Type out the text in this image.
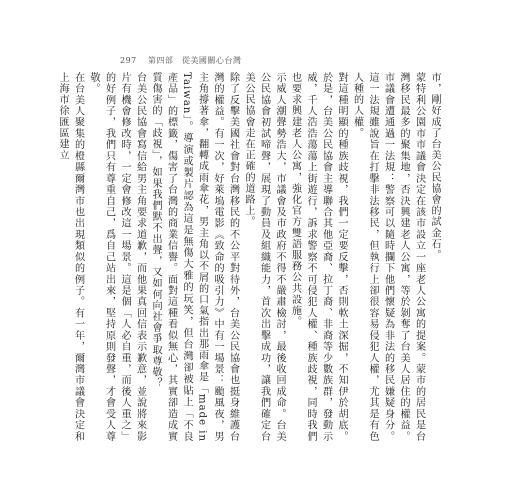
297 第四部　從美國關心台灣

市，剛好成了台美公民協會的試金石。

蒙特利公園市市議會決定在該市設立一座老人公寓的提案。蒙市的居民是台灣移民最多的聚集地，否決興建老人公寓，等於剝奪了台美人居住的權益。市議會遭通過一法規：警察可以隨時攔下他們懷疑為非法的移民嫌疑身分。這一法規雖說旨在打擊非法移民，但執行上卻很容易侵犯人權，尤其是有色人種的人權。

對這種明顯的種族歧視，我們一定要反擊，否則軟土深掘，不知伊於胡底。於是，台美公民協會主導聯合其他亞裔、拉丁裔、非裔等少數族群，發動示威，千人浩浩蕩蕩上街遊行，訴求警察不可侵犯人權、種族歧視，同時我們也要求興建老人公寓，強化官方雙語服務公共設施。

示威人潮聲勢浩大，市議會及市政府不得不嚴肅檢討，最後收回成命。台美公民協會初試啼聲，展現了動員及組織能力，首次出擊成功，讓我們確定台美公民協會走在正確的道路上。

除了反擊美國社會對台灣移民的不公平對待外，台美公民協會也挺身維護台灣的權益。有一次，好萊塢電影《致命的吸引力》中有一場景：颱風夜，男主角撐著傘，翻轉成雨傘花，男主角以不屑的口氣指出那雨傘是「made in Taiwan」。導演或製片認為這是無傷大雅的玩笑，但台灣卻被貼上「不良產品」的標籤，傷害了台灣的商業信譽。面對這種看似無心，其實卻造成實質傷害的「歧視」，如果我們默不出聲，又如何向社會爭取尊敬？

台美公民協會寫信給男主角要求道歉，而他果真回信表示歉意，並說將來影片有機會修改時，一定會修改這一場景。這是個「人必自重，而後人重之」的好例子，我們只有尊重自己，爲自己站出來，堅持原則發聲，才會受人尊敬。

在台美人聚集的橙縣爾灣市也出現類似的例子。有一年，爾灣市議會決定和上海市徐匯區建立
